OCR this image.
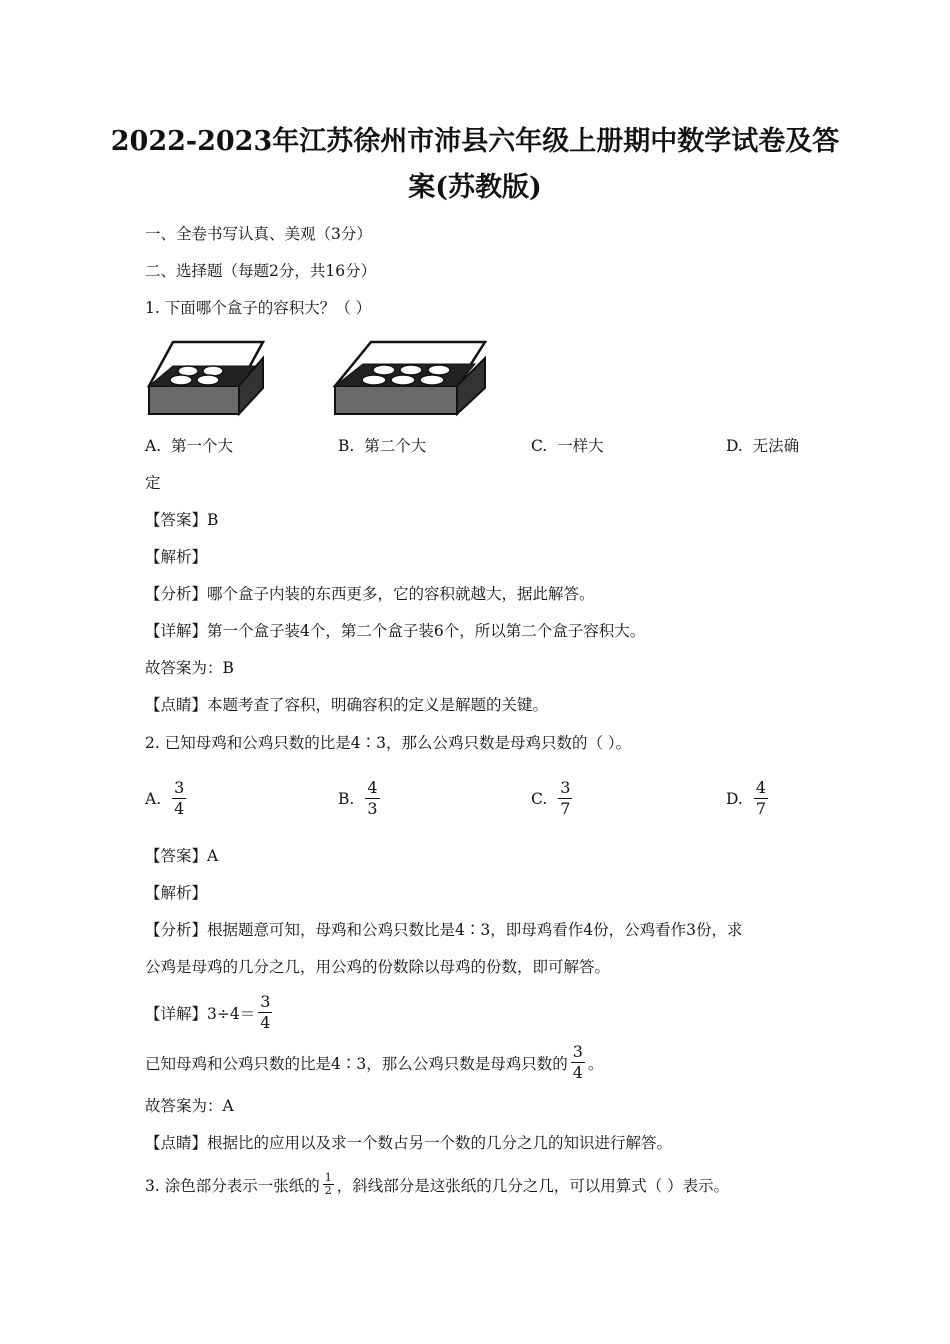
2022-2023年江苏徐州市沛县六年级上册期中数学试卷及答
案(苏教版)
一、全卷书写认真、美观（3分）
二、选择题（每题2分，共16分）
1. 下面哪个盒子的容积大？（ ）
A. 第一个大	B. 第二个大	C. 一样大	D. 无法确
定
【答案】B
【解析】
【分析】哪个盒子内装的东西更多，它的容积就越大，据此解答。
【详解】第一个盒子装4个，第二个盒子装6个，所以第二个盒子容积大。
故答案为：B
【点睛】本题考查了容积，明确容积的定义是解题的关键。
2. 已知母鸡和公鸡只数的比是4∶3，那么公鸡只数是母鸡只数的（ ）。
A. $\frac{3}{4}$	B. $\frac{4}{3}$	C. $\frac{3}{7}$	D. $\frac{4}{7}$
【答案】A
【解析】
【分析】根据题意可知，母鸡和公鸡只数比是4∶3，即母鸡看作4份，公鸡看作3份，求
公鸡是母鸡的几分之几，用公鸡的份数除以母鸡的份数，即可解答。
【详解】$3\div 4= \frac{3}{4}$
已知母鸡和公鸡只数的比是4∶3，那么公鸡只数是母鸡只数的 $\frac{3}{4}$ 。
故答案为：A
【点睛】根据比的应用以及求一个数占另一个数的几分之几的知识进行解答。
3. 涂色部分表示一张纸的 $\frac{1}{2}$ ，斜线部分是这张纸的几分之几，可以用算式（ ）表示。
